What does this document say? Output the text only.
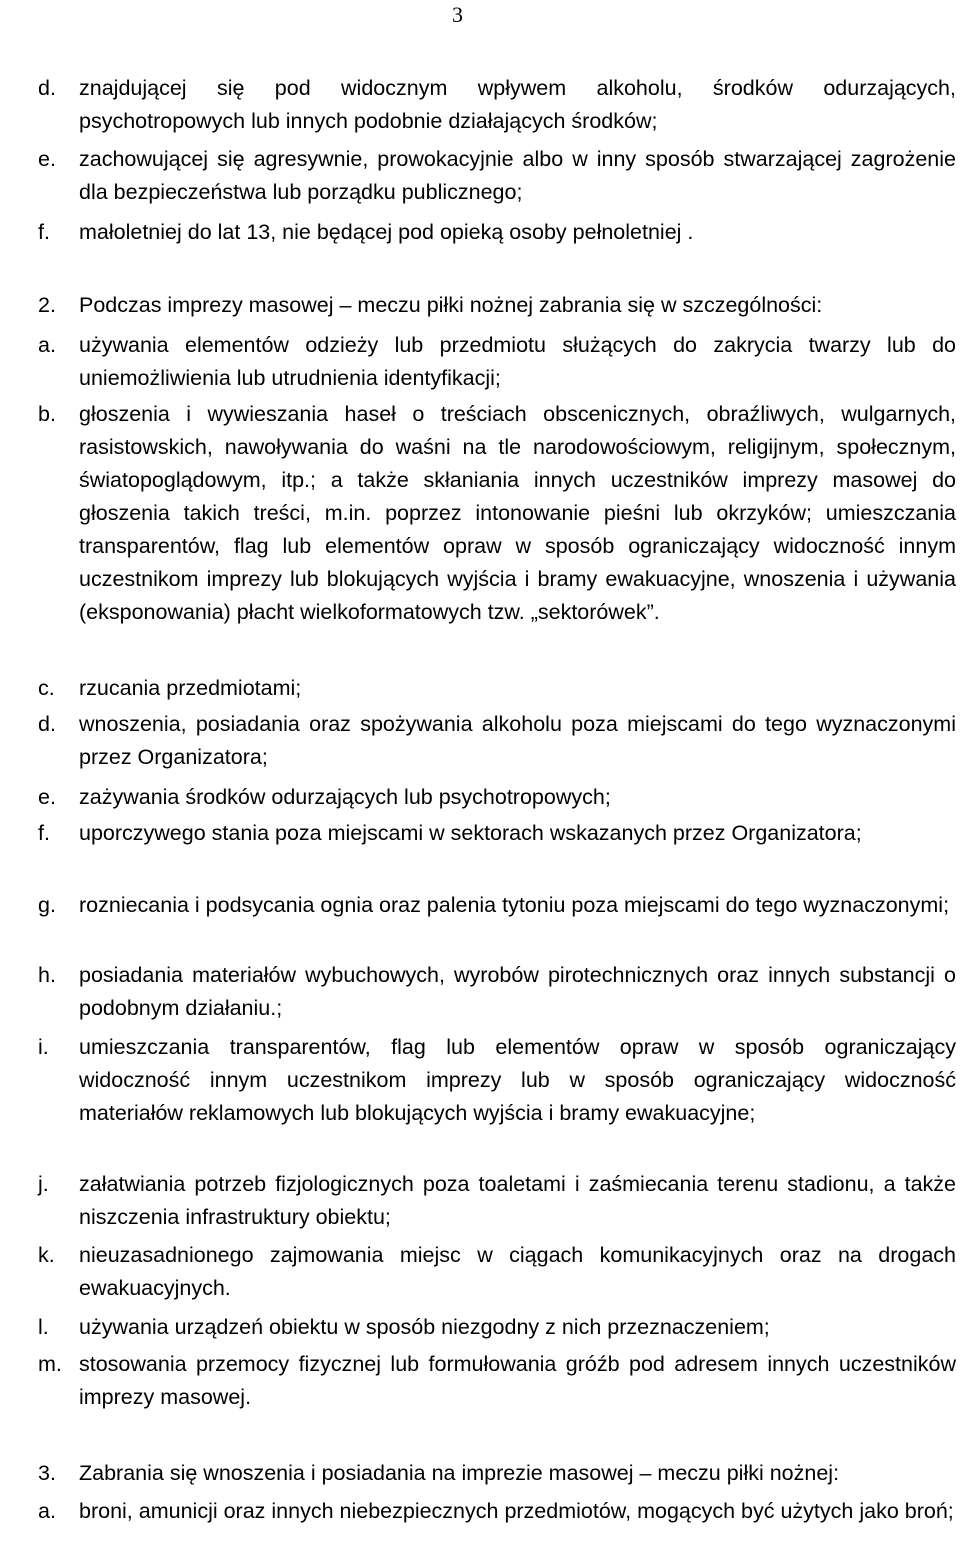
3
d.	znajdującej się pod widocznym wpływem alkoholu, środków odurzających, psychotropowych lub innych podobnie działających środków;
e.	zachowującej się agresywnie, prowokacyjnie albo w inny sposób stwarzającej zagrożenie dla bezpieczeństwa lub porządku publicznego;
f.	małoletniej do lat 13, nie będącej pod opieką osoby pełnoletniej .
2.	Podczas imprezy masowej – meczu piłki nożnej zabrania się w szczególności:
a.	używania elementów odzieży lub przedmiotu służących do zakrycia twarzy lub do uniemożliwienia lub utrudnienia identyfikacji;
b.	głoszenia i wywieszania haseł o treściach obscenicznych, obraźliwych, wulgarnych, rasistowskich, nawoływania do waśni na tle narodowościowym, religijnym, społecznym, światopoglądowym, itp.; a także skłaniania innych uczestników imprezy masowej do głoszenia takich treści, m.in. poprzez intonowanie pieśni lub okrzyków; umieszczania transparentów, flag lub elementów opraw w sposób ograniczający widoczność innym uczestnikom imprezy lub blokujących wyjścia i bramy ewakuacyjne, wnoszenia i używania (eksponowania) płacht wielkoformatowych tzw. „sektorówek”.
c.	rzucania przedmiotami;
d.	wnoszenia, posiadania oraz spożywania alkoholu poza miejscami do tego wyznaczonymi przez Organizatora;
e.	zażywania środków odurzających lub psychotropowych;
f.	uporczywego stania poza miejscami w sektorach wskazanych przez Organizatora;
g.	rozniecania i podsycania ognia oraz palenia tytoniu poza miejscami do tego wyznaczonymi;
h.	posiadania materiałów wybuchowych, wyrobów pirotechnicznych oraz innych substancji o podobnym działaniu.;
i.	umieszczania transparentów, flag lub elementów opraw w sposób ograniczający widoczność innym uczestnikom imprezy lub w sposób ograniczający widoczność materiałów reklamowych lub blokujących wyjścia i bramy ewakuacyjne;
j.	załatwiania potrzeb fizjologicznych poza toaletami i zaśmiecania terenu stadionu, a także niszczenia infrastruktury obiektu;
k.	nieuzasadnionego zajmowania miejsc w ciągach komunikacyjnych oraz na drogach ewakuacyjnych.
l.	używania urządzeń obiektu w sposób niezgodny z nich przeznaczeniem;
m. stosowania przemocy fizycznej lub formułowania gróźb pod adresem innych uczestników imprezy masowej.
3.	Zabrania się wnoszenia i posiadania na imprezie masowej – meczu piłki nożnej:
a.	broni, amunicji oraz innych niebezpiecznych przedmiotów, mogących być użytych jako broń;
